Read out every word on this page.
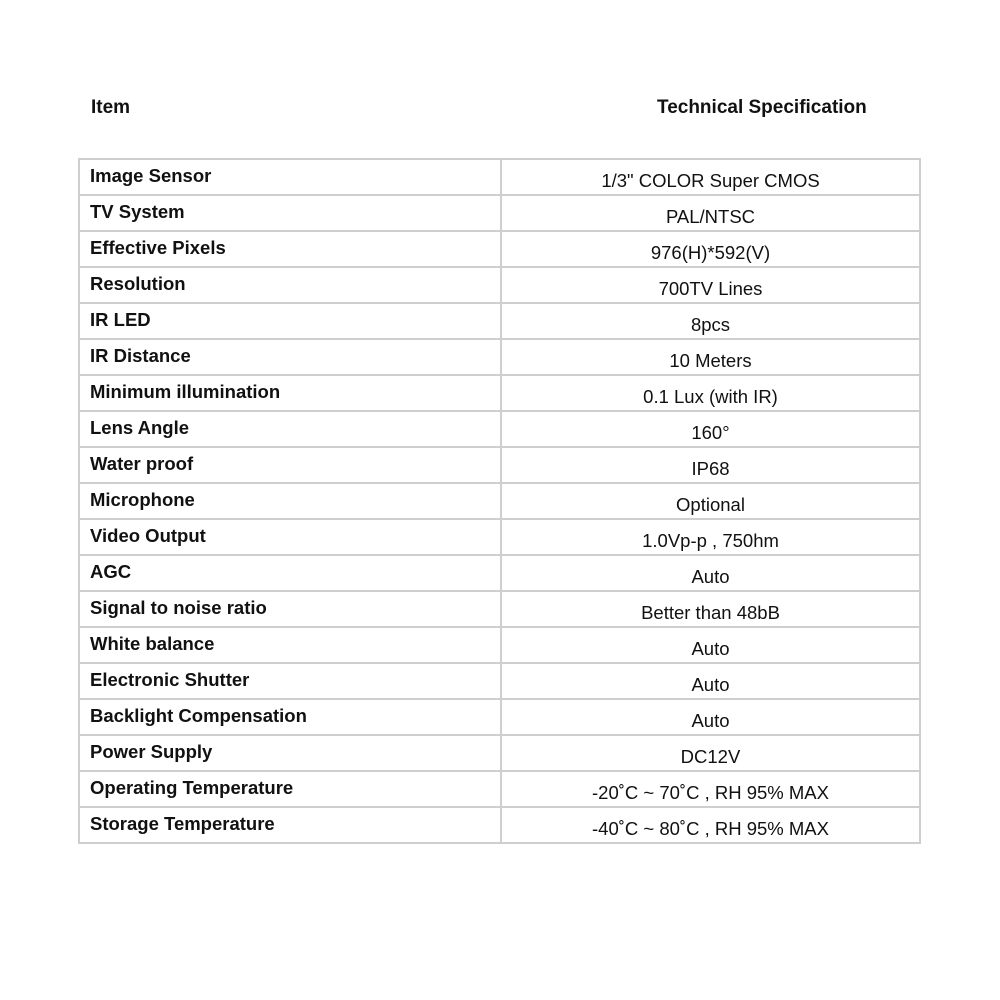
Item	Technical Specification
Image Sensor	1/3" COLOR Super CMOS
TV System	PAL/NTSC
Effective Pixels	976(H)*592(V)
Resolution	700TV Lines
IR LED	8pcs
IR Distance	10 Meters
Minimum illumination	0.1 Lux (with IR)
Lens Angle	160°
Water proof	IP68
Microphone	Optional
Video Output	1.0Vp-p , 750hm
AGC	Auto
Signal to noise ratio	Better than 48bB
White balance	Auto
Electronic Shutter	Auto
Backlight Compensation	Auto
Power Supply	DC12V
Operating Temperature	-20˚C ~ 70˚C , RH 95% MAX
Storage Temperature	-40˚C ~ 80˚C , RH 95% MAX
